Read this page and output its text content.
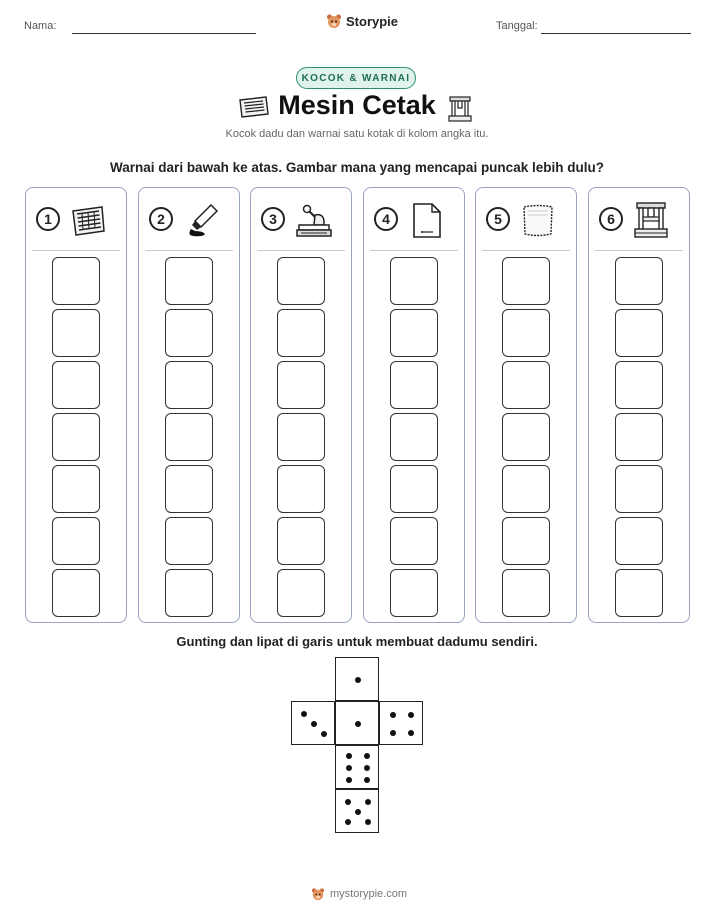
Nama:	Storypie	Tanggal:
KOCOK & WARNAI
Mesin Cetak
Kocok dadu dan warnai satu kotak di kolom angka itu.
Warnai dari bawah ke atas. Gambar mana yang mencapai puncak lebih dulu?
1	2	3	4	5	6
Gunting dan lipat di garis untuk membuat dadumu sendiri.
mystorypie.com
